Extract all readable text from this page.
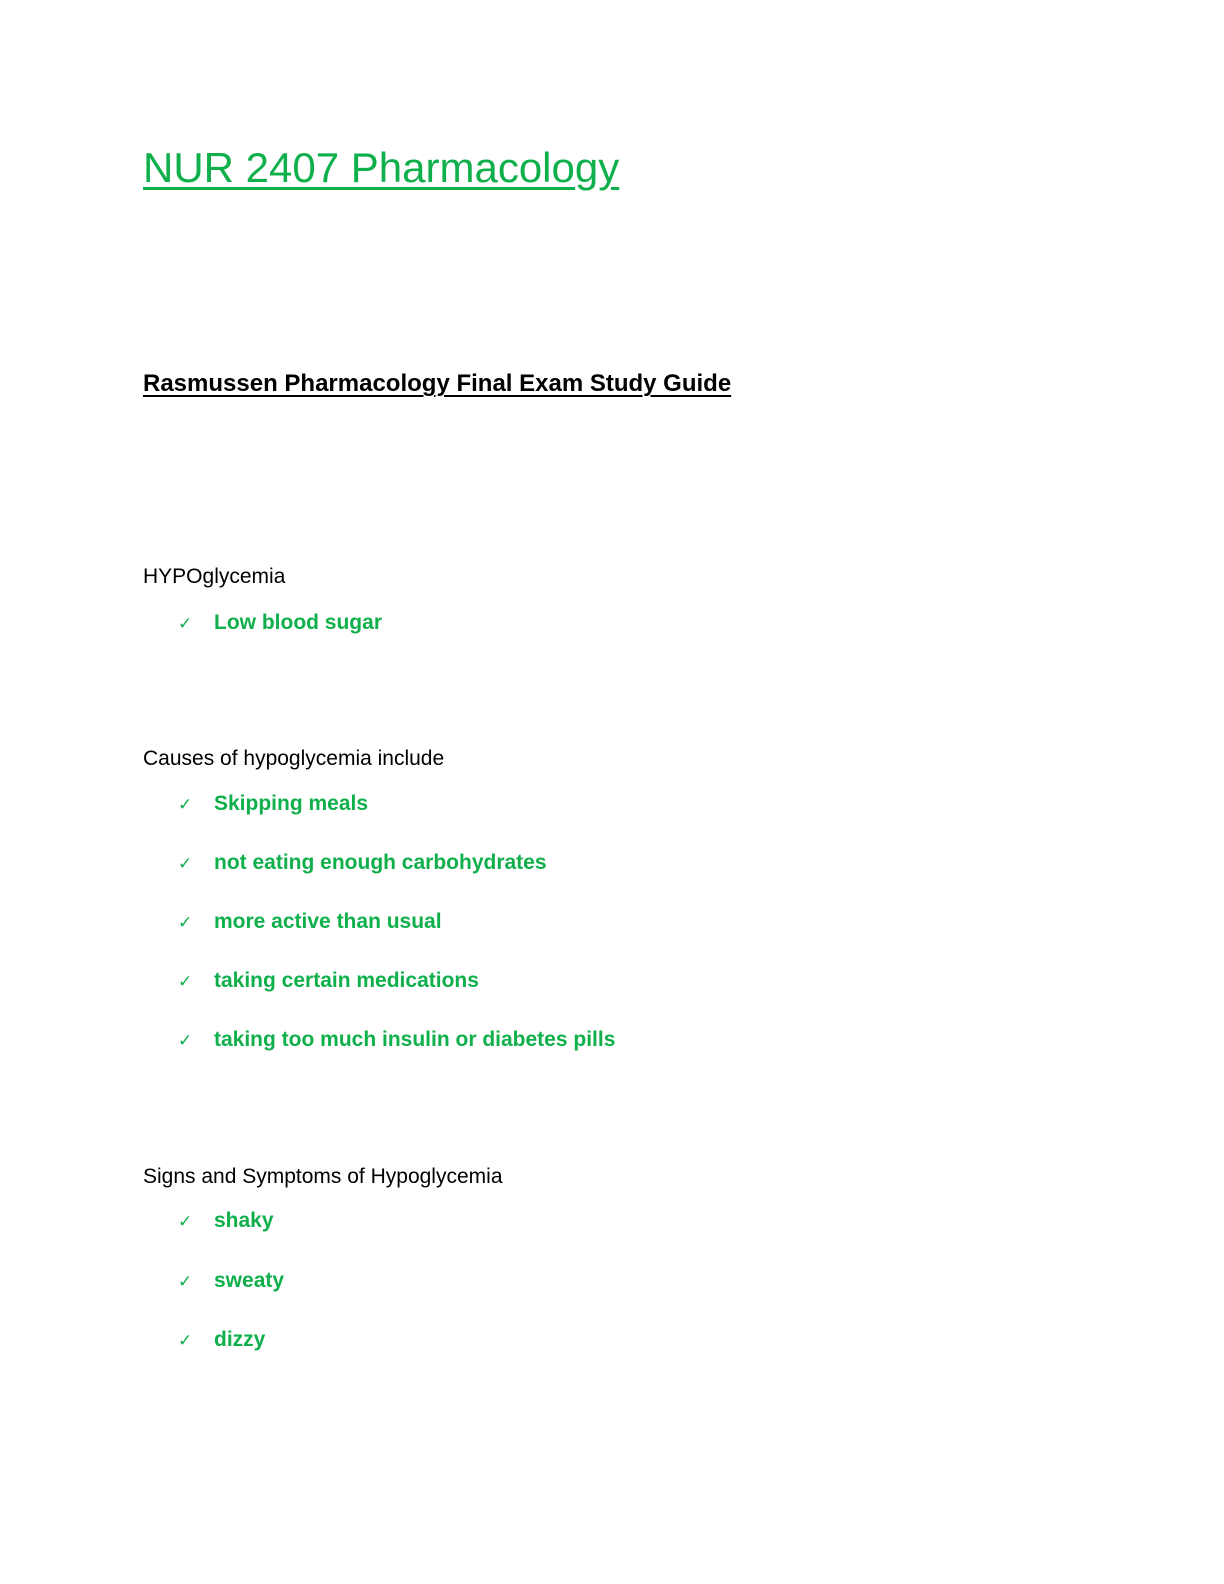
NUR 2407 Pharmacology
Rasmussen Pharmacology Final Exam Study Guide
HYPOglycemia
✓ Low blood sugar
Causes of hypoglycemia include
✓ Skipping meals
✓ not eating enough carbohydrates
✓ more active than usual
✓ taking certain medications
✓ taking too much insulin or diabetes pills
Signs and Symptoms of Hypoglycemia
✓ shaky
✓ sweaty
✓ dizzy
